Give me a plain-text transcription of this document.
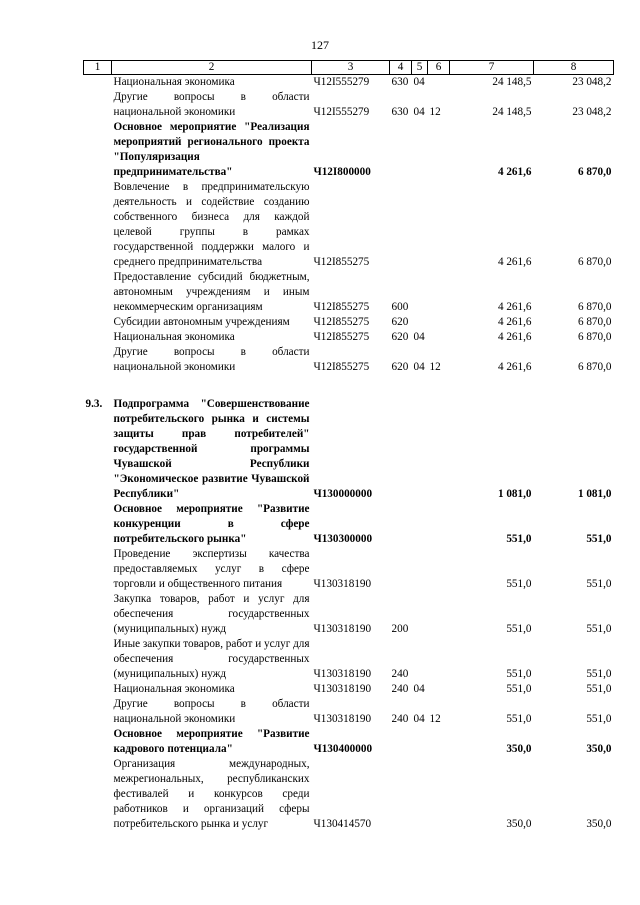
127
1	2	3	4	5	6	7	8
	Национальная экономика	Ч12I555279	630	04		24 148,5	23 048,2
	Другие вопросы в области национальной экономики	Ч12I555279	630	04	12	24 148,5	23 048,2
	Основное мероприятие "Реализация мероприятий регионального проекта "Популяризация предпринимательства"	Ч12I800000				4 261,6	6 870,0
	Вовлечение в предпринимательскую деятельность и содействие созданию собственного бизнеса для каждой целевой группы в рамках государственной поддержки малого и среднего предпринимательства	Ч12I855275				4 261,6	6 870,0
	Предоставление субсидий бюджетным, автономным учреждениям и иным некоммерческим организациям	Ч12I855275	600			4 261,6	6 870,0
	Субсидии автономным учреждениям	Ч12I855275	620			4 261,6	6 870,0
	Национальная экономика	Ч12I855275	620	04		4 261,6	6 870,0
	Другие вопросы в области национальной экономики	Ч12I855275	620	04	12	4 261,6	6 870,0

9.3.	Подпрограмма "Совершенствование потребительского рынка и системы защиты прав потребителей" государственной программы Чувашской Республики "Экономическое развитие Чувашской Республики"	Ч130000000				1 081,0	1 081,0
	Основное мероприятие "Развитие конкуренции в сфере потребительского рынка"	Ч130300000				551,0	551,0
	Проведение экспертизы качества предоставляемых услуг в сфере торговли и общественного питания	Ч130318190				551,0	551,0
	Закупка товаров, работ и услуг для обеспечения государственных (муниципальных) нужд	Ч130318190	200			551,0	551,0
	Иные закупки товаров, работ и услуг для обеспечения государственных (муниципальных) нужд	Ч130318190	240			551,0	551,0
	Национальная экономика	Ч130318190	240	04		551,0	551,0
	Другие вопросы в области национальной экономики	Ч130318190	240	04	12	551,0	551,0
	Основное мероприятие "Развитие кадрового потенциала"	Ч130400000				350,0	350,0
	Организация международных, межрегиональных, республиканских фестивалей и конкурсов среди работников и организаций сферы потребительского рынка и услуг	Ч130414570				350,0	350,0
